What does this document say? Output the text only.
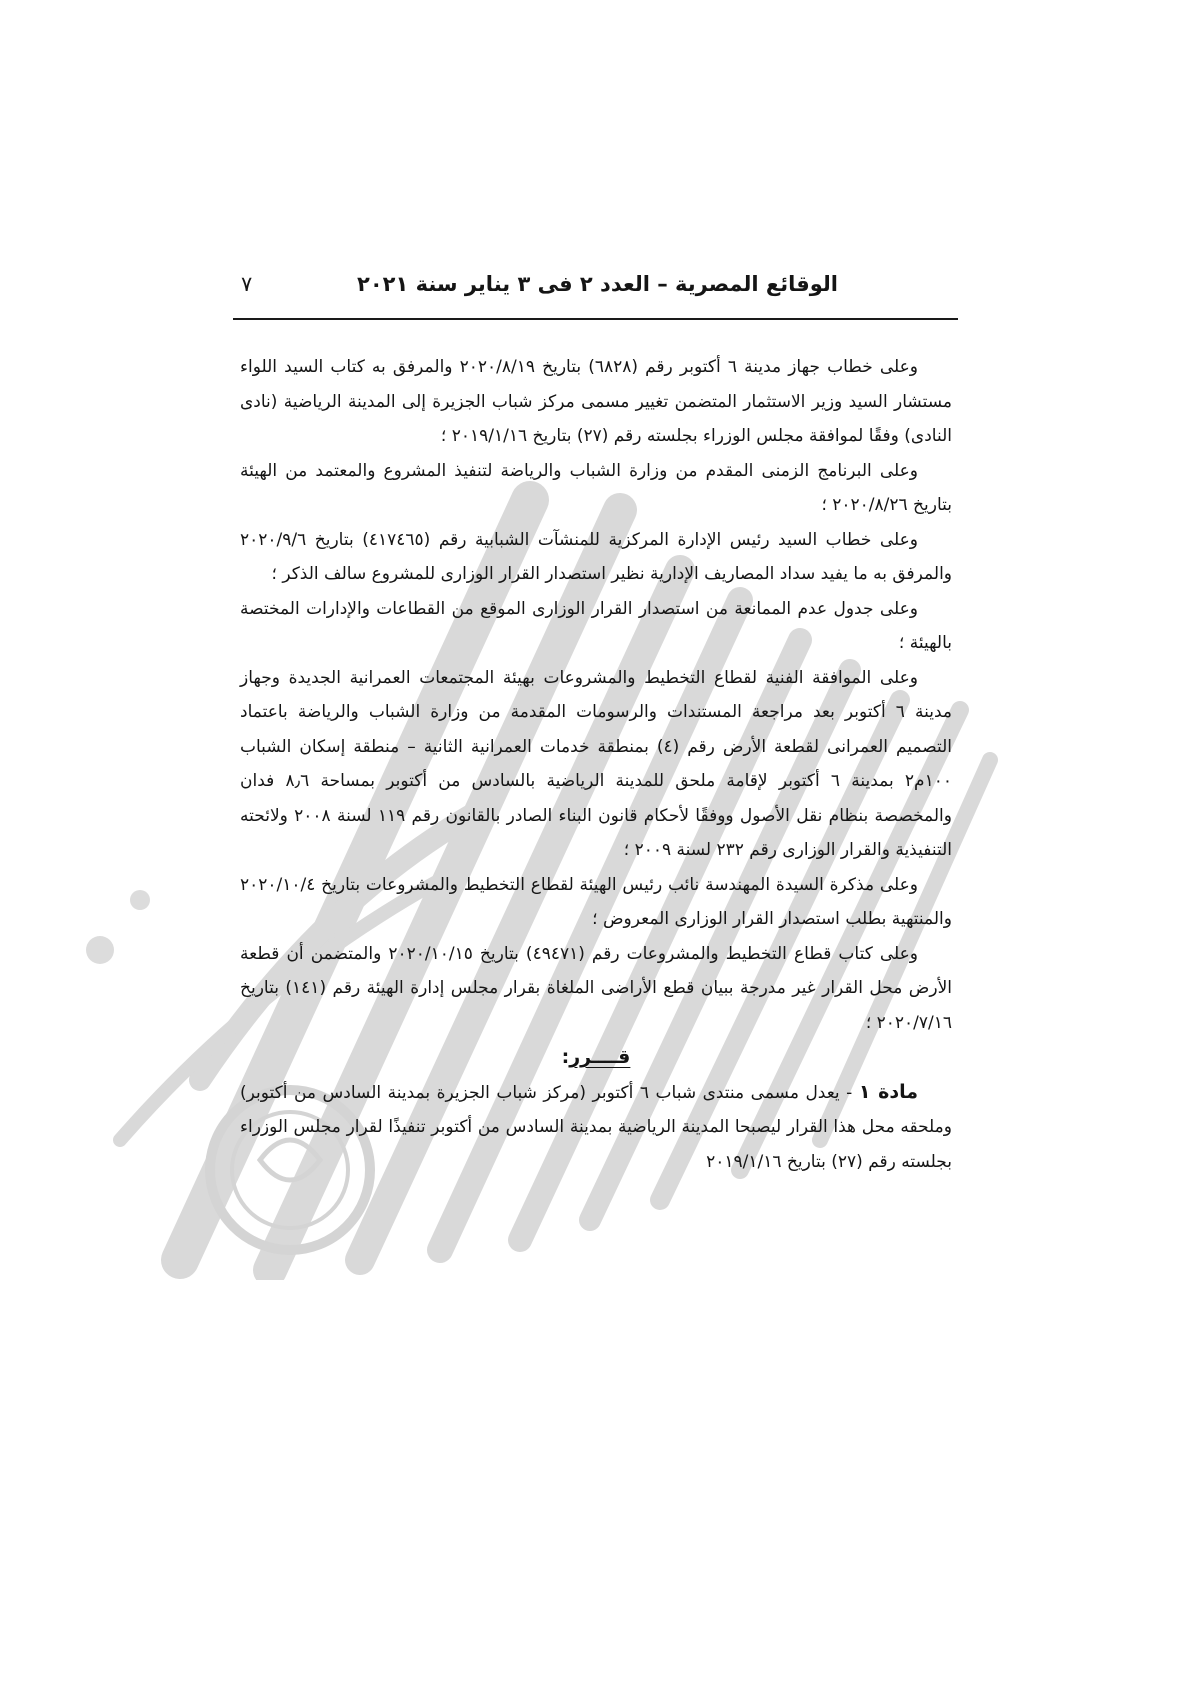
الوقائع المصرية – العدد ٢ فى ٣ يناير سنة ٢٠٢١
٧

وعلى خطاب جهاز مدينة ٦ أكتوبر رقم (٦٨٢٨) بتاريخ ٢٠٢٠/٨/١٩ والمرفق به كتاب السيد اللواء مستشار السيد وزير الاستثمار المتضمن تغيير مسمى مركز شباب الجزيرة إلى المدينة الرياضية (نادى النادى) وفقًا لموافقة مجلس الوزراء بجلسته رقم (٢٧) بتاريخ ٢٠١٩/١/١٦ ؛

وعلى البرنامج الزمنى المقدم من وزارة الشباب والرياضة لتنفيذ المشروع والمعتمد من الهيئة بتاريخ ٢٠٢٠/٨/٢٦ ؛

وعلى خطاب السيد رئيس الإدارة المركزية للمنشآت الشبابية رقم (٤١٧٤٦٥) بتاريخ ٢٠٢٠/٩/٦ والمرفق به ما يفيد سداد المصاريف الإدارية نظير استصدار القرار الوزارى للمشروع سالف الذكر ؛

وعلى جدول عدم الممانعة من استصدار القرار الوزارى الموقع من القطاعات والإدارات المختصة بالهيئة ؛

وعلى الموافقة الفنية لقطاع التخطيط والمشروعات بهيئة المجتمعات العمرانية الجديدة وجهاز مدينة ٦ أكتوبر بعد مراجعة المستندات والرسومات المقدمة من وزارة الشباب والرياضة باعتماد التصميم العمرانى لقطعة الأرض رقم (٤) بمنطقة خدمات العمرانية الثانية – منطقة إسكان الشباب ١٠٠م٢ بمدينة ٦ أكتوبر لإقامة ملحق للمدينة الرياضية بالسادس من أكتوبر بمساحة ٨٫٦ فدان والمخصصة بنظام نقل الأصول ووفقًا لأحكام قانون البناء الصادر بالقانون رقم ١١٩ لسنة ٢٠٠٨ ولائحته التنفيذية والقرار الوزارى رقم ٢٣٢ لسنة ٢٠٠٩ ؛

وعلى مذكرة السيدة المهندسة نائب رئيس الهيئة لقطاع التخطيط والمشروعات بتاريخ ٢٠٢٠/١٠/٤ والمنتهية بطلب استصدار القرار الوزارى المعروض ؛

وعلى كتاب قطاع التخطيط والمشروعات رقم (٤٩٤٧١) بتاريخ ٢٠٢٠/١٠/١٥ والمتضمن أن قطعة الأرض محل القرار غير مدرجة ببيان قطع الأراضى الملغاة بقرار مجلس إدارة الهيئة رقم (١٤١) بتاريخ ٢٠٢٠/٧/١٦ ؛

قــــرر:

مادة ١ - يعدل مسمى منتدى شباب ٦ أكتوبر (مركز شباب الجزيرة بمدينة السادس من أكتوبر) وملحقه محل هذا القرار ليصبحا المدينة الرياضية بمدينة السادس من أكتوبر تنفيذًا لقرار مجلس الوزراء بجلسته رقم (٢٧) بتاريخ ٢٠١٩/١/١٦
